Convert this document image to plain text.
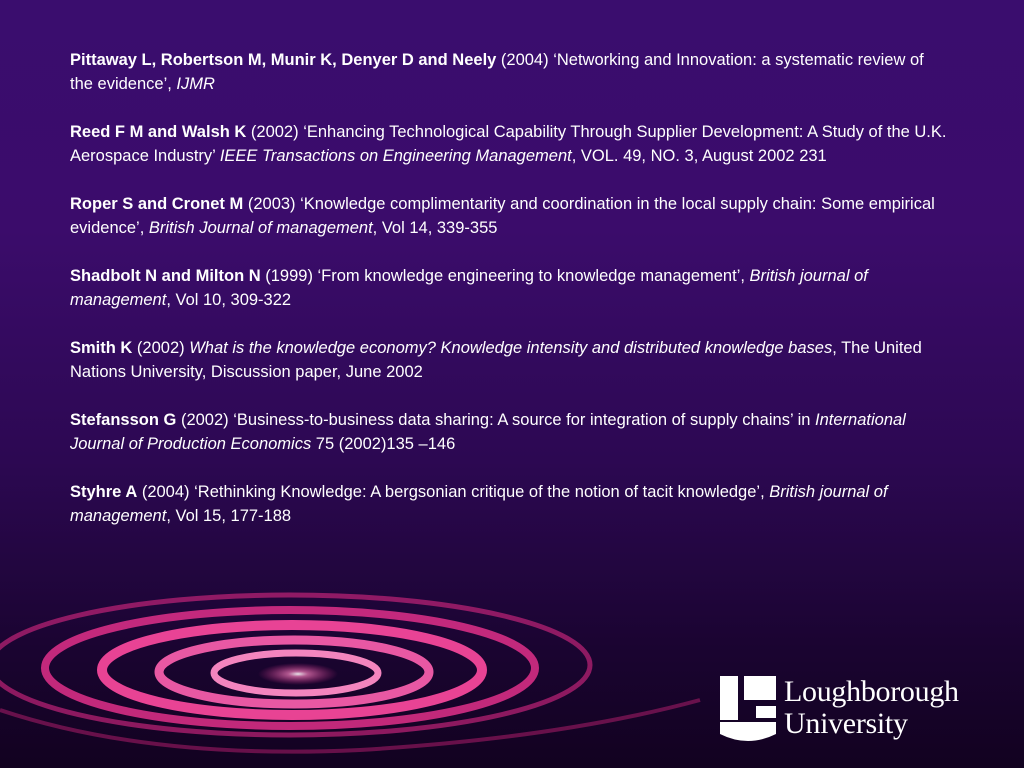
Pittaway L, Robertson M, Munir K, Denyer D and Neely (2004) ‘Networking and Innovation: a systematic review of the evidence’, IJMR

Reed F M and Walsh K (2002) ‘Enhancing Technological Capability Through Supplier Development: A Study of the U.K. Aerospace Industry’ IEEE Transactions on Engineering Management, VOL. 49, NO. 3, August 2002 231

Roper S and Cronet M (2003) ‘Knowledge complimentarity and coordination in the local supply chain: Some empirical evidence’, British Journal of management, Vol 14, 339-355

Shadbolt N and Milton N (1999) ‘From knowledge engineering to knowledge management’, British journal of management, Vol 10, 309-322

Smith K (2002) What is the knowledge economy? Knowledge intensity and distributed knowledge bases, The United Nations University, Discussion paper, June 2002

Stefansson G (2002) ‘Business-to-business data sharing: A source for integration of supply chains’ in International Journal of Production Economics 75 (2002)135 –146

Styhre A (2004) ‘Rethinking Knowledge: A bergsonian critique of the notion of tacit knowledge’, British journal of management, Vol 15, 177-188

Loughborough
University
